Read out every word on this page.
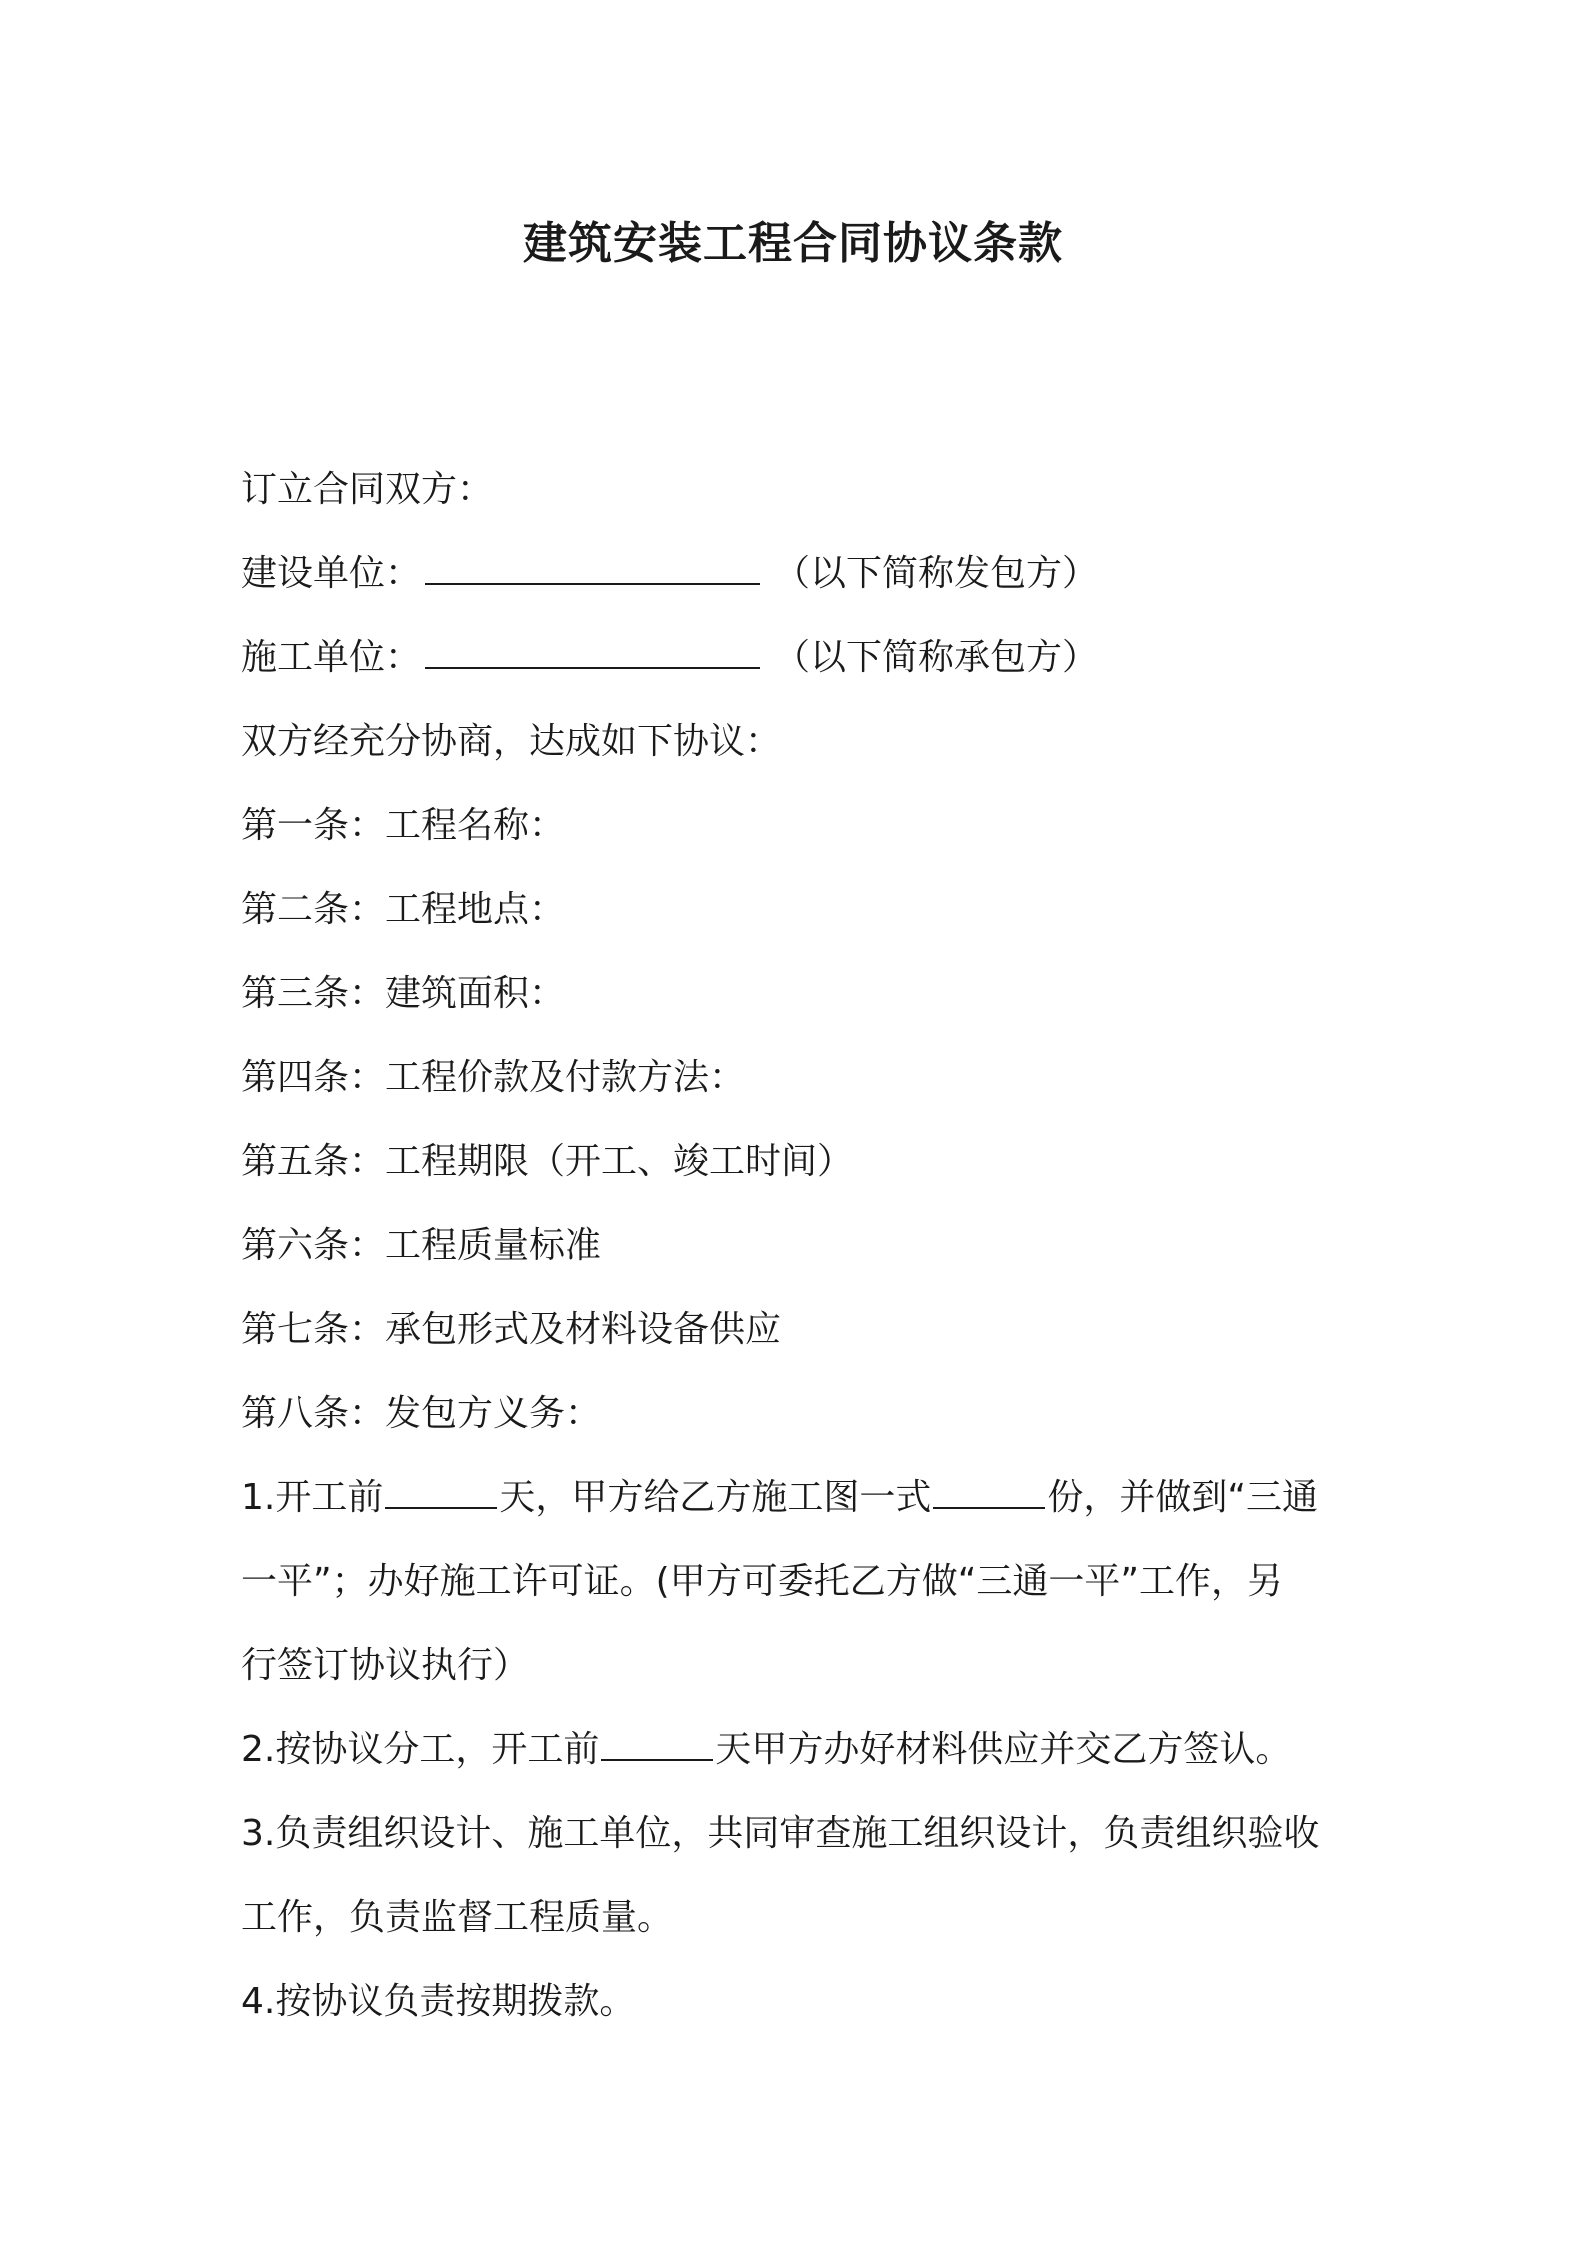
建筑安装工程合同协议条款
订立合同双方：
建设单位：	（以下简称发包方）
施工单位：	（以下简称承包方）
双方经充分协商，达成如下协议：
第一条：工程名称：
第二条：工程地点：
第三条：建筑面积：
第四条：工程价款及付款方法：
第五条：工程期限（开工、竣工时间）
第六条：工程质量标准
第七条：承包形式及材料设备供应
第八条：发包方义务：
1.开工前	天，甲方给乙方施工图一式	份，并做到“三通
一平”；办好施工许可证。(甲方可委托乙方做“三通一平”工作，另
行签订协议执行）
2.按协议分工，开工前	天甲方办好材料供应并交乙方签认。
3.负责组织设计、施工单位，共同审查施工组织设计，负责组织验收
工作，负责监督工程质量。
4.按协议负责按期拨款。
